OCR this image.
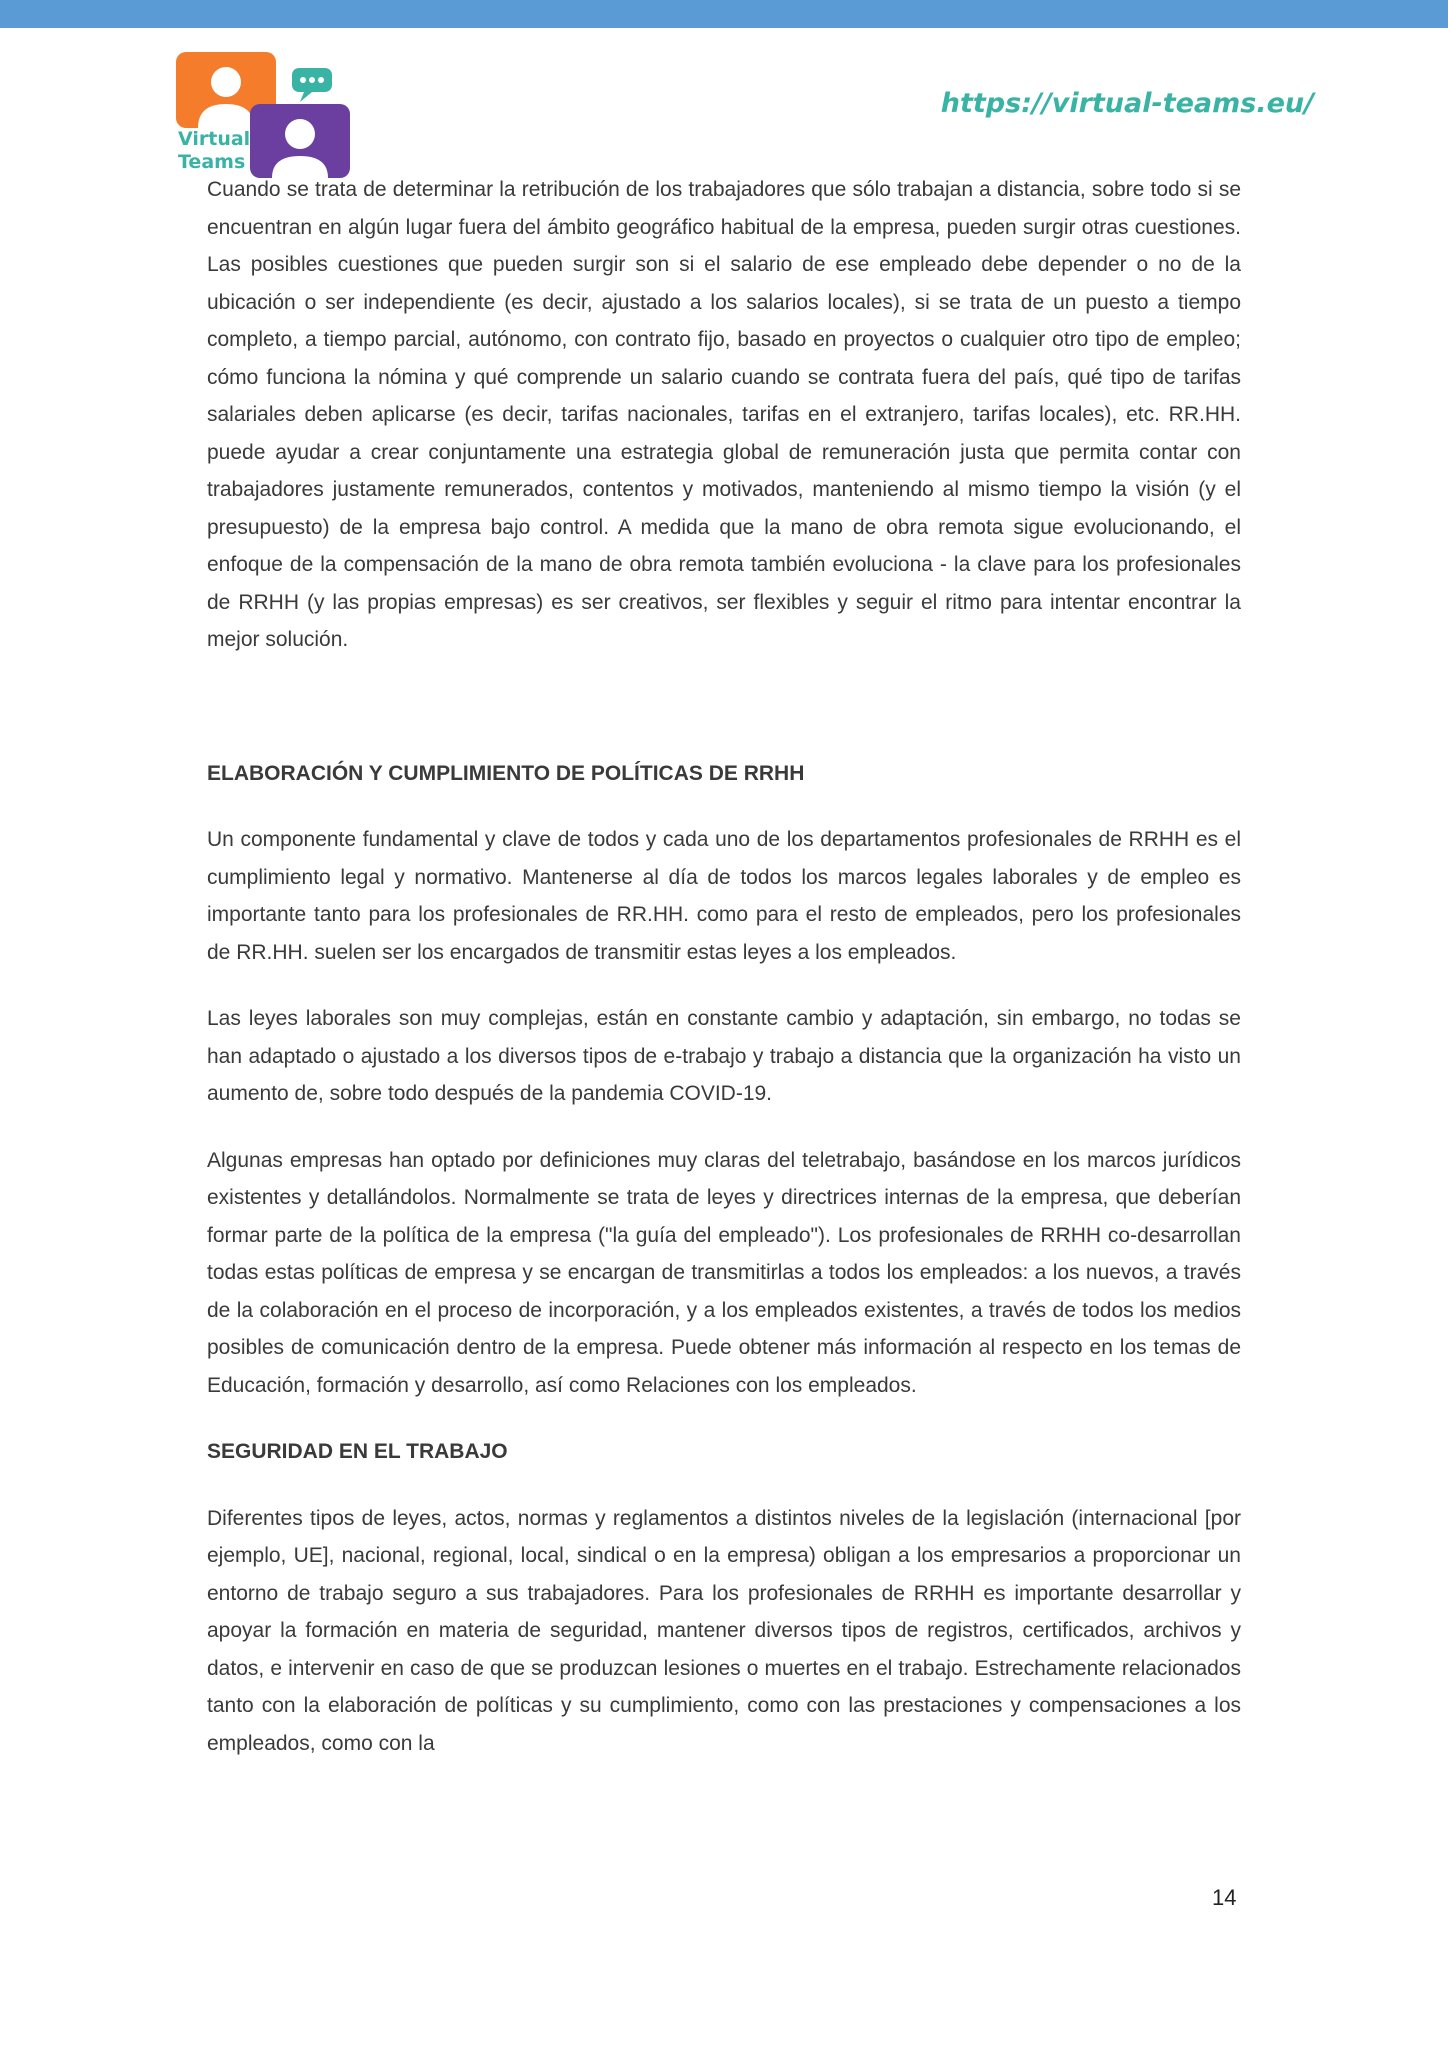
Virtual
Teams
https://virtual-teams.eu/

Cuando se trata de determinar la retribución de los trabajadores que sólo trabajan a distancia, sobre todo si se encuentran en algún lugar fuera del ámbito geográfico habitual de la empresa, pueden surgir otras cuestiones. Las posibles cuestiones que pueden surgir son si el salario de ese empleado debe depender o no de la ubicación o ser independiente (es decir, ajustado a los salarios locales), si se trata de un puesto a tiempo completo, a tiempo parcial, autónomo, con contrato fijo, basado en proyectos o cualquier otro tipo de empleo; cómo funciona la nómina y qué comprende un salario cuando se contrata fuera del país, qué tipo de tarifas salariales deben aplicarse (es decir, tarifas nacionales, tarifas en el extranjero, tarifas locales), etc. RR.HH. puede ayudar a crear conjuntamente una estrategia global de remuneración justa que permita contar con trabajadores justamente remunerados, contentos y motivados, manteniendo al mismo tiempo la visión (y el presupuesto) de la empresa bajo control. A medida que la mano de obra remota sigue evolucionando, el enfoque de la compensación de la mano de obra remota también evoluciona - la clave para los profesionales de RRHH (y las propias empresas) es ser creativos, ser flexibles y seguir el ritmo para intentar encontrar la mejor solución.

ELABORACIÓN Y CUMPLIMIENTO DE POLÍTICAS DE RRHH

Un componente fundamental y clave de todos y cada uno de los departamentos profesionales de RRHH es el cumplimiento legal y normativo. Mantenerse al día de todos los marcos legales laborales y de empleo es importante tanto para los profesionales de RR.HH. como para el resto de empleados, pero los profesionales de RR.HH. suelen ser los encargados de transmitir estas leyes a los empleados.

Las leyes laborales son muy complejas, están en constante cambio y adaptación, sin embargo, no todas se han adaptado o ajustado a los diversos tipos de e-trabajo y trabajo a distancia que la organización ha visto un aumento de, sobre todo después de la pandemia COVID-19.

Algunas empresas han optado por definiciones muy claras del teletrabajo, basándose en los marcos jurídicos existentes y detallándolos. Normalmente se trata de leyes y directrices internas de la empresa, que deberían formar parte de la política de la empresa ("la guía del empleado"). Los profesionales de RRHH co-desarrollan todas estas políticas de empresa y se encargan de transmitirlas a todos los empleados: a los nuevos, a través de la colaboración en el proceso de incorporación, y a los empleados existentes, a través de todos los medios posibles de comunicación dentro de la empresa. Puede obtener más información al respecto en los temas de Educación, formación y desarrollo, así como Relaciones con los empleados.

SEGURIDAD EN EL TRABAJO

Diferentes tipos de leyes, actos, normas y reglamentos a distintos niveles de la legislación (internacional [por ejemplo, UE], nacional, regional, local, sindical o en la empresa) obligan a los empresarios a proporcionar un entorno de trabajo seguro a sus trabajadores. Para los profesionales de RRHH es importante desarrollar y apoyar la formación en materia de seguridad, mantener diversos tipos de registros, certificados, archivos y datos, e intervenir en caso de que se produzcan lesiones o muertes en el trabajo. Estrechamente relacionados tanto con la elaboración de políticas y su cumplimiento, como con las prestaciones y compensaciones a los empleados, como con la

14
